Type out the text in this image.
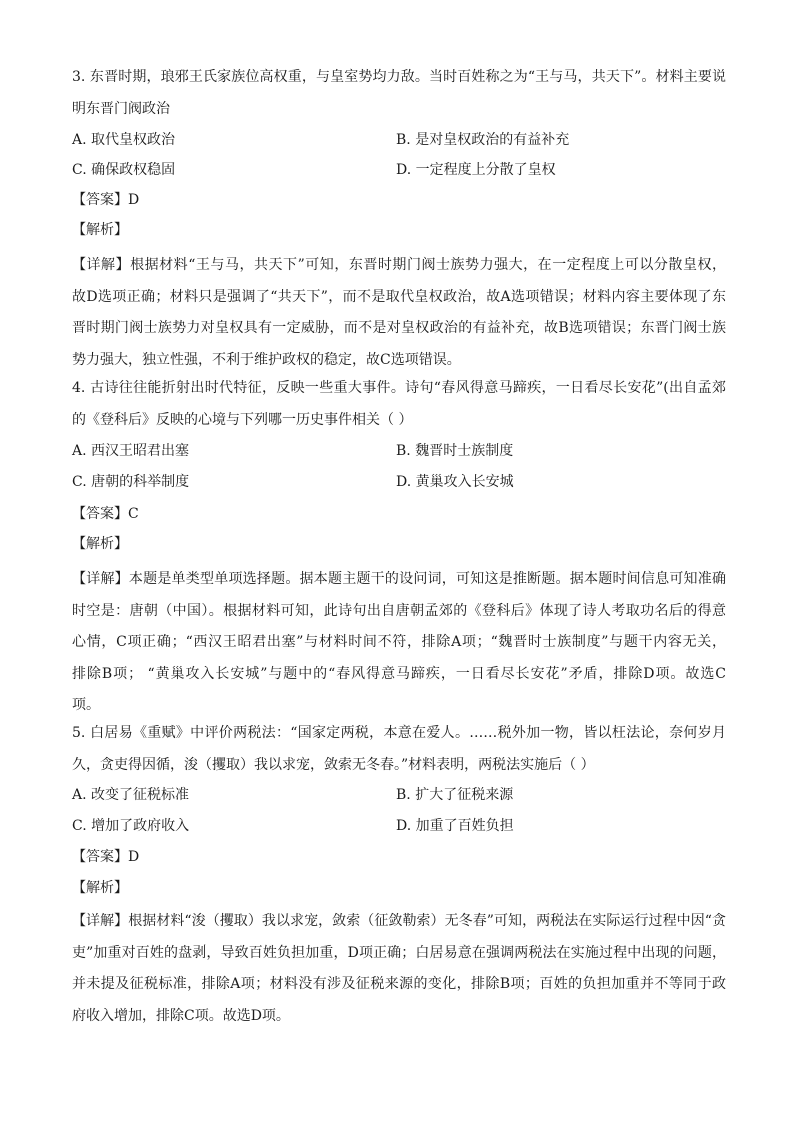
3. 东晋时期，琅邪王氏家族位高权重，与皇室势均力敌。当时百姓称之为“王与马，共天下”。材料主要说
明东晋门阀政治
A. 取代皇权政治	B. 是对皇权政治的有益补充
C. 确保政权稳固	D. 一定程度上分散了皇权
【答案】D
【解析】
【详解】根据材料“王与马，共天下”可知，东晋时期门阀士族势力强大，在一定程度上可以分散皇权，
故D选项正确；材料只是强调了“共天下”，而不是取代皇权政治，故A选项错误；材料内容主要体现了东
晋时期门阀士族势力对皇权具有一定威胁，而不是对皇权政治的有益补充，故B选项错误；东晋门阀士族
势力强大，独立性强，不利于维护政权的稳定，故C选项错误。
4. 古诗往往能折射出时代特征，反映一些重大事件。诗句“春风得意马蹄疾，一日看尽长安花”(出自孟郊
的《登科后》反映的心境与下列哪一历史事件相关（ ）
A. 西汉王昭君出塞	B. 魏晋时士族制度
C. 唐朝的科举制度	D. 黄巢攻入长安城
【答案】C
【解析】
【详解】本题是单类型单项选择题。据本题主题干的设问词，可知这是推断题。据本题时间信息可知准确
时空是：唐朝（中国）。根据材料可知，此诗句出自唐朝孟郊的《登科后》体现了诗人考取功名后的得意
心情，C项正确；“西汉王昭君出塞”与材料时间不符，排除A项；“魏晋时士族制度”与题干内容无关，
排除B项； “黄巢攻入长安城”与题中的“春风得意马蹄疾，一日看尽长安花”矛盾，排除D项。故选C
项。
5. 白居易《重赋》中评价两税法：“国家定两税，本意在爱人。……税外加一物，皆以枉法论，奈何岁月
久，贪吏得因循，浚（攫取）我以求宠，敛索无冬春。”材料表明，两税法实施后（ ）
A. 改变了征税标准	B. 扩大了征税来源
C. 增加了政府收入	D. 加重了百姓负担
【答案】D
【解析】
【详解】根据材料“浚（攫取）我以求宠，敛索（征敛勒索）无冬春”可知，两税法在实际运行过程中因“贪
吏”加重对百姓的盘剥，导致百姓负担加重，D项正确；白居易意在强调两税法在实施过程中出现的问题，
并未提及征税标准，排除A项；材料没有涉及征税来源的变化，排除B项；百姓的负担加重并不等同于政
府收入增加，排除C项。故选D项。
